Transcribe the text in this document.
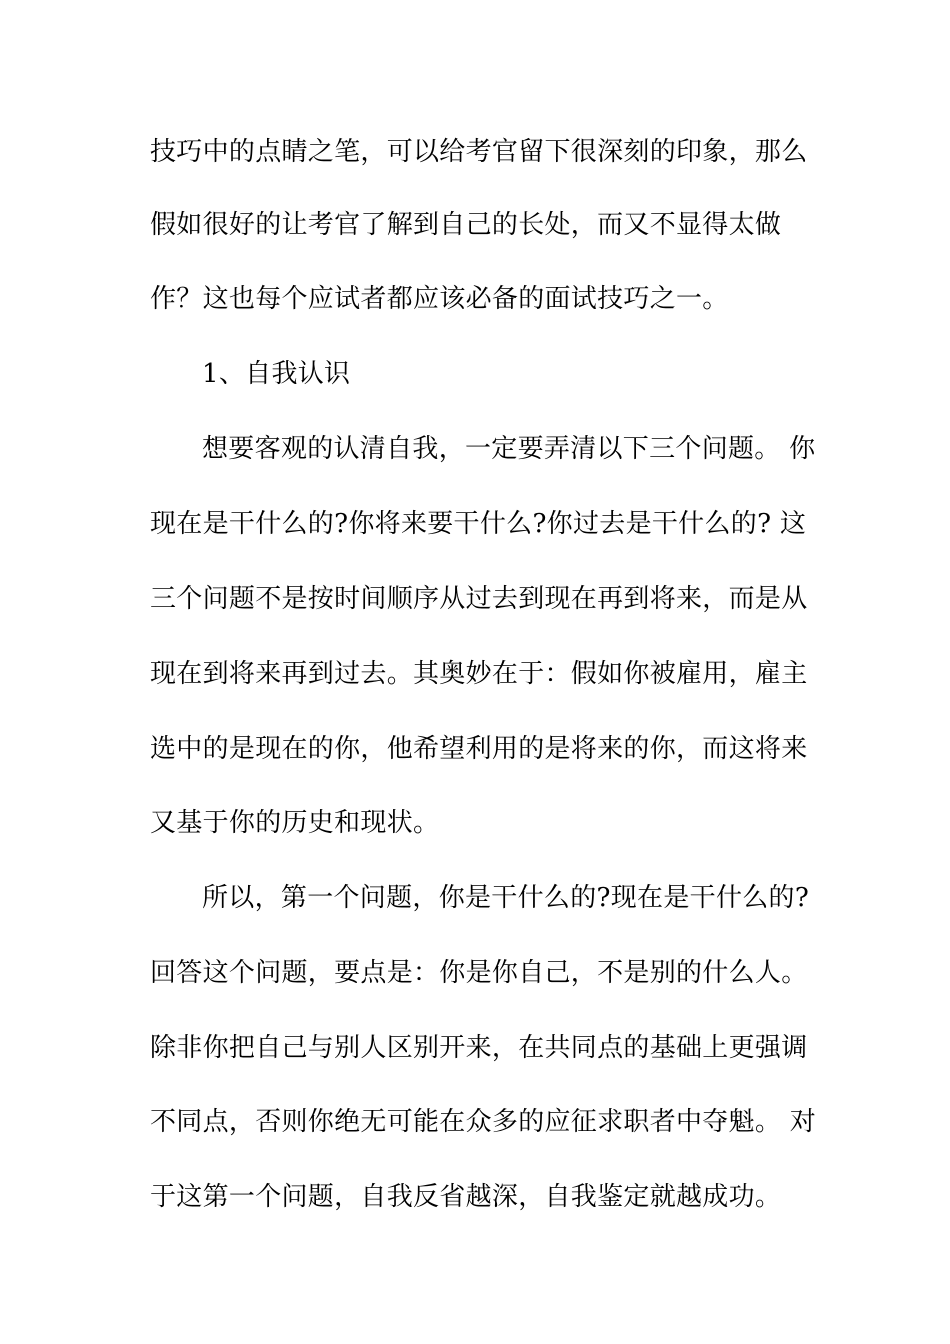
技巧中的点睛之笔，可以给考官留下很深刻的印象，那么
假如很好的让考官了解到自己的长处，而又不显得太做
作？这也每个应试者都应该必备的面试技巧之一。
1、自我认识
想要客观的认清自我，一定要弄清以下三个问题。 你
现在是干什么的?你将来要干什么?你过去是干什么的? 这
三个问题不是按时间顺序从过去到现在再到将来，而是从
现在到将来再到过去。其奥妙在于：假如你被雇用，雇主
选中的是现在的你，他希望利用的是将来的你，而这将来
又基于你的历史和现状。
所以，第一个问题，你是干什么的?现在是干什么的?
回答这个问题，要点是：你是你自己，不是别的什么人。
除非你把自己与别人区别开来，在共同点的基础上更强调
不同点，否则你绝无可能在众多的应征求职者中夺魁。 对
于这第一个问题，自我反省越深，自我鉴定就越成功。
